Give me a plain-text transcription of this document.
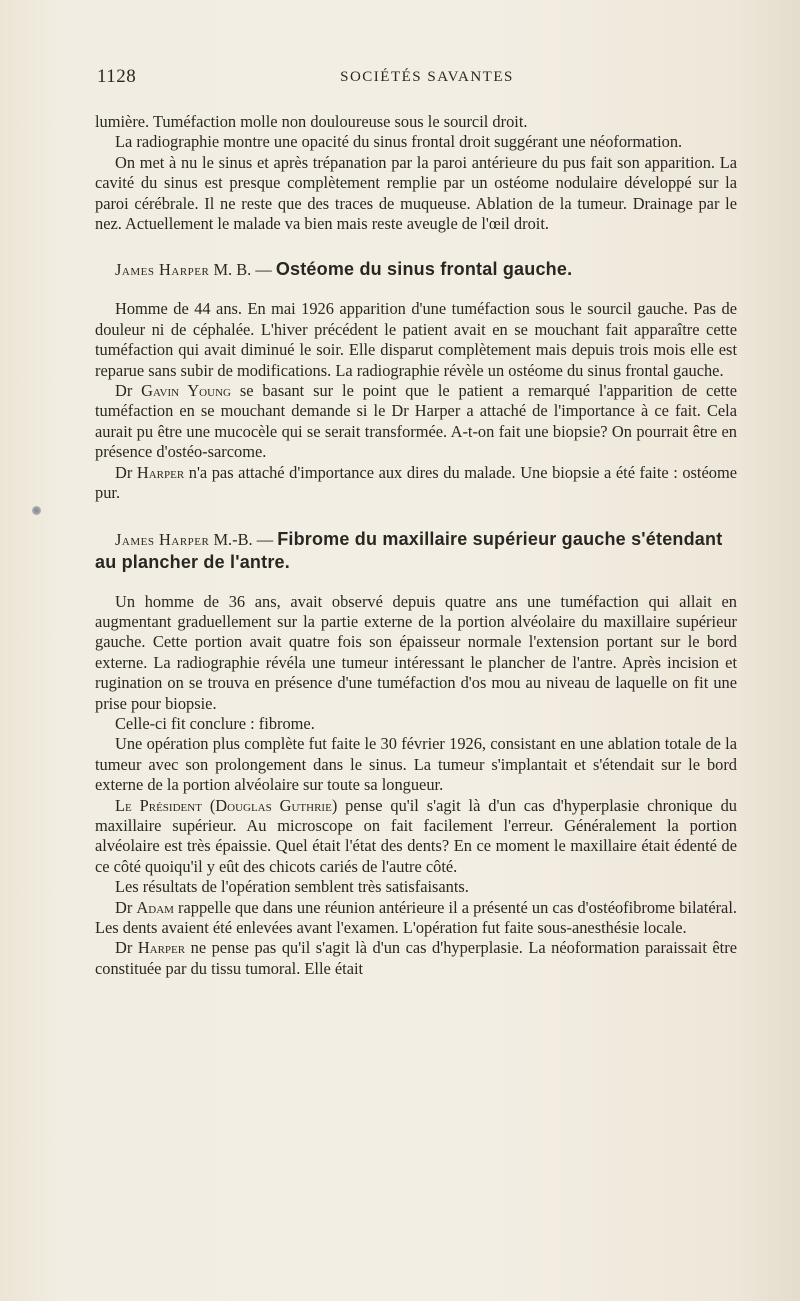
1128	SOCIÉTÉS SAVANTES

lumière. Tuméfaction molle non douloureuse sous le sourcil droit.

La radiographie montre une opacité du sinus frontal droit suggérant une néoformation.

On met à nu le sinus et après trépanation par la paroi antérieure du pus fait son apparition. La cavité du sinus est presque complètement remplie par un ostéome nodulaire développé sur la paroi cérébrale. Il ne reste que des traces de muqueuse. Ablation de la tumeur. Drainage par le nez. Actuellement le malade va bien mais reste aveugle de l'œil droit.

James Harper M. B. — Ostéome du sinus frontal gauche.

Homme de 44 ans. En mai 1926 apparition d'une tuméfaction sous le sourcil gauche. Pas de douleur ni de céphalée. L'hiver précédent le patient avait en se mouchant fait apparaître cette tuméfaction qui avait diminué le soir. Elle disparut complètement mais depuis trois mois elle est reparue sans subir de modifications. La radiographie révèle un ostéome du sinus frontal gauche.

Dr Gavin Young se basant sur le point que le patient a remarqué l'apparition de cette tuméfaction en se mouchant demande si le Dr Harper a attaché de l'importance à ce fait. Cela aurait pu être une mucocèle qui se serait transformée. A-t-on fait une biopsie? On pourrait être en présence d'ostéo-sarcome.

Dr Harper n'a pas attaché d'importance aux dires du malade. Une biopsie a été faite : ostéome pur.

James Harper M.-B. — Fibrome du maxillaire supérieur gauche s'étendant au plancher de l'antre.

Un homme de 36 ans, avait observé depuis quatre ans une tuméfaction qui allait en augmentant graduellement sur la partie externe de la portion alvéolaire du maxillaire supérieur gauche. Cette portion avait quatre fois son épaisseur normale l'extension portant sur le bord externe. La radiographie révéla une tumeur intéressant le plancher de l'antre. Après incision et rugination on se trouva en présence d'une tuméfaction d'os mou au niveau de laquelle on fit une prise pour biopsie.

Celle-ci fit conclure : fibrome.

Une opération plus complète fut faite le 30 février 1926, consistant en une ablation totale de la tumeur avec son prolongement dans le sinus. La tumeur s'implantait et s'étendait sur le bord externe de la portion alvéolaire sur toute sa longueur.

Le Président (Douglas Guthrie) pense qu'il s'agit là d'un cas d'hyperplasie chronique du maxillaire supérieur. Au microscope on fait facilement l'erreur. Généralement la portion alvéolaire est très épaissie. Quel était l'état des dents? En ce moment le maxillaire était édenté de ce côté quoiqu'il y eût des chicots cariés de l'autre côté.

Les résultats de l'opération semblent très satisfaisants.

Dr Adam rappelle que dans une réunion antérieure il a présenté un cas d'ostéofibrome bilatéral. Les dents avaient été enlevées avant l'examen. L'opération fut faite sous-anesthésie locale.

Dr Harper ne pense pas qu'il s'agit là d'un cas d'hyperplasie. La néoformation paraissait être constituée par du tissu tumoral. Elle était
